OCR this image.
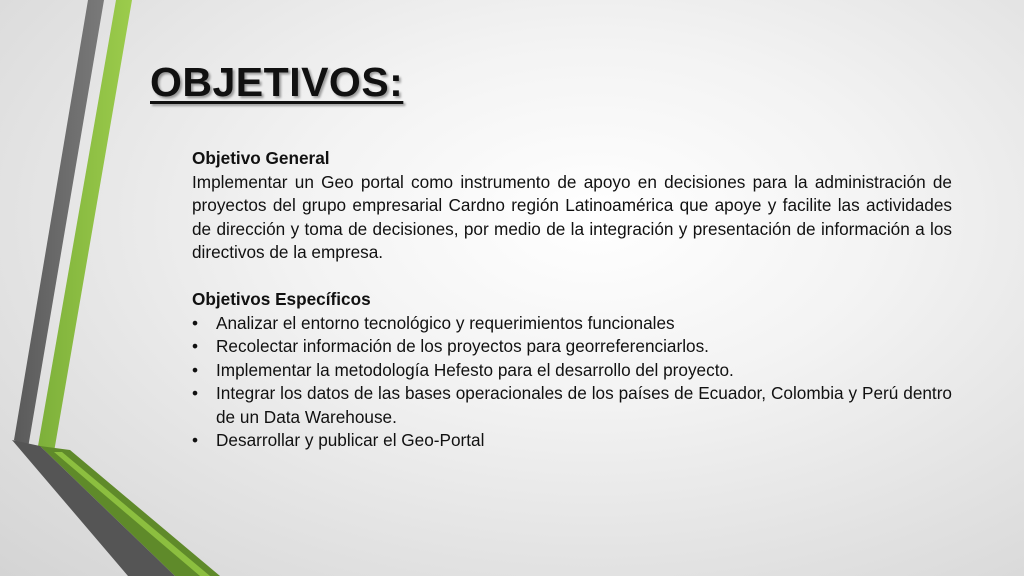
OBJETIVOS:

Objetivo General

Implementar un Geo portal como instrumento de apoyo en decisiones para la administración de proyectos del grupo empresarial Cardno región Latinoamérica que apoye y facilite las actividades de dirección y toma de decisiones, por medio de la integración y presentación de información a los directivos de la empresa.

Objetivos Específicos

• Analizar el entorno tecnológico y requerimientos funcionales
• Recolectar información de los proyectos para georreferenciarlos.
• Implementar la metodología Hefesto para el desarrollo del proyecto.
• Integrar los datos de las bases operacionales de los países de Ecuador, Colombia y Perú dentro de un Data Warehouse.
• Desarrollar y publicar el Geo-Portal
